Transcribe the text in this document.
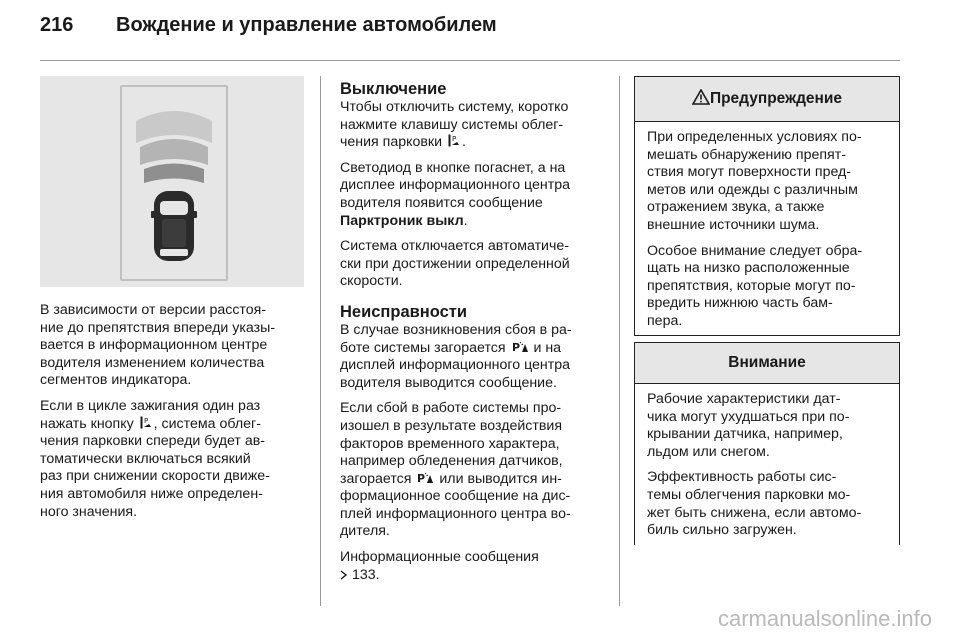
216 Вождение и управление автомобилем

В зависимости от версии расстоя-
ние до препятствия впереди указы-
вается в информационном центре
водителя изменением количества
сегментов индикатора.

Если в цикле зажигания один раз
нажать кнопку P , система облег-
чения парковки спереди будет ав-
томатически включаться всякий
раз при снижении скорости движе-
ния автомобиля ниже определен-
ного значения.

Выключение

Чтобы отключить систему, коротко
нажмите клавишу системы облег-
чения парковки P .

Светодиод в кнопке погаснет, а на
дисплее информационного центра
водителя появится сообщение
Парктроник выкл.

Система отключается автоматиче-
ски при достижении определенной
скорости.

Неисправности

В случае возникновения сбоя в ра-
боте системы загорается P и на
дисплей информационного центра
водителя выводится сообщение.

Если сбой в работе системы про-
изошел в результате воздействия
факторов временного характера,
например обледенения датчиков,
загорается P или выводится ин-
формационное сообщение на дис-
плей информационного центра во-
дителя.

Информационные сообщения
133.

Предупреждение

При определенных условиях по-
мешать обнаружению препят-
ствия могут поверхности пред-
метов или одежды с различным
отражением звука, а также
внешние источники шума.

Особое внимание следует обра-
щать на низко расположенные
препятствия, которые могут по-
вредить нижнюю часть бам-
пера.

Внимание

Рабочие характеристики дат-
чика могут ухудшаться при по-
крывании датчика, например,
льдом или снегом.

Эффективность работы сис-
темы облегчения парковки мо-
жет быть снижена, если автомо-
биль сильно загружен.

carmanualsonline.info
